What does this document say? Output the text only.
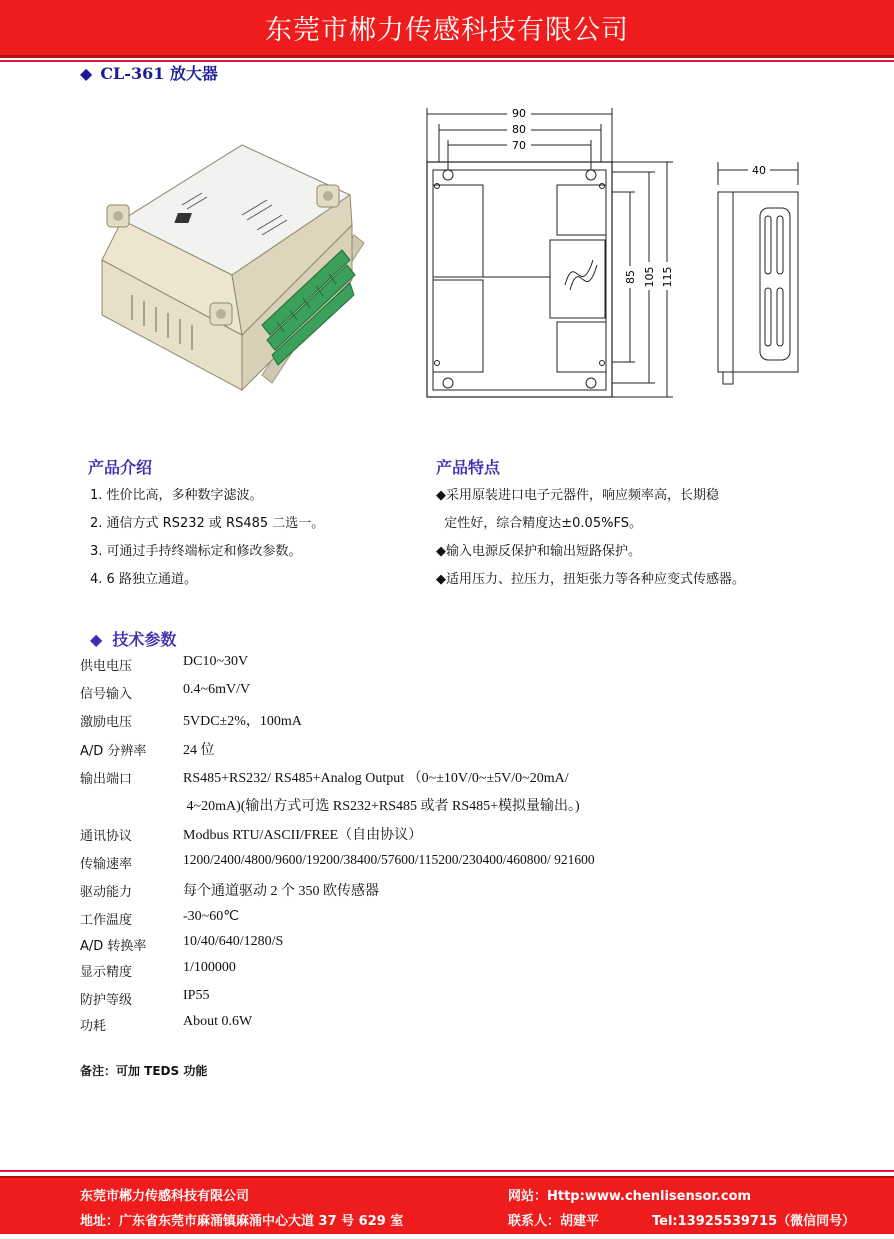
东莞市郴力传感科技有限公司
◆ CL-361 放大器
90
80
70
85 105 115
40
产品介绍
1. 性价比高，多种数字滤波。
2. 通信方式 RS232 或 RS485 二选一。
3. 可通过手持终端标定和修改参数。
4. 6 路独立通道。
产品特点
◆采用原装进口电子元器件，响应频率高，长期稳
定性好，综合精度达±0.05%FS。
◆输入电源反保护和输出短路保护。
◆适用压力、拉压力，扭矩张力等各种应变式传感器。
◆ 技术参数
供电电压	DC10~30V
信号输入	0.4~6mV/V
激励电压	5VDC±2%，100mA
A/D 分辨率	24 位
输出端口	RS485+RS232/ RS485+Analog Output （0~±10V/0~±5V/0~20mA/
4~20mA)(输出方式可选 RS232+RS485 或者 RS485+模拟量输出。)
通讯协议	Modbus RTU/ASCII/FREE（自由协议）
传输速率	1200/2400/4800/9600/19200/38400/57600/115200/230400/460800/ 921600
驱动能力	每个通道驱动 2 个 350 欧传感器
工作温度	-30~60℃
A/D 转换率	10/40/640/1280/S
显示精度	1/100000
防护等级	IP55
功耗	About 0.6W
备注：可加 TEDS 功能
东莞市郴力传感科技有限公司	网站：Http:www.chenlisensor.com
地址：广东省东莞市麻涌镇麻涌中心大道 37 号 629 室	联系人：胡建平	Tel:13925539715（微信同号）
